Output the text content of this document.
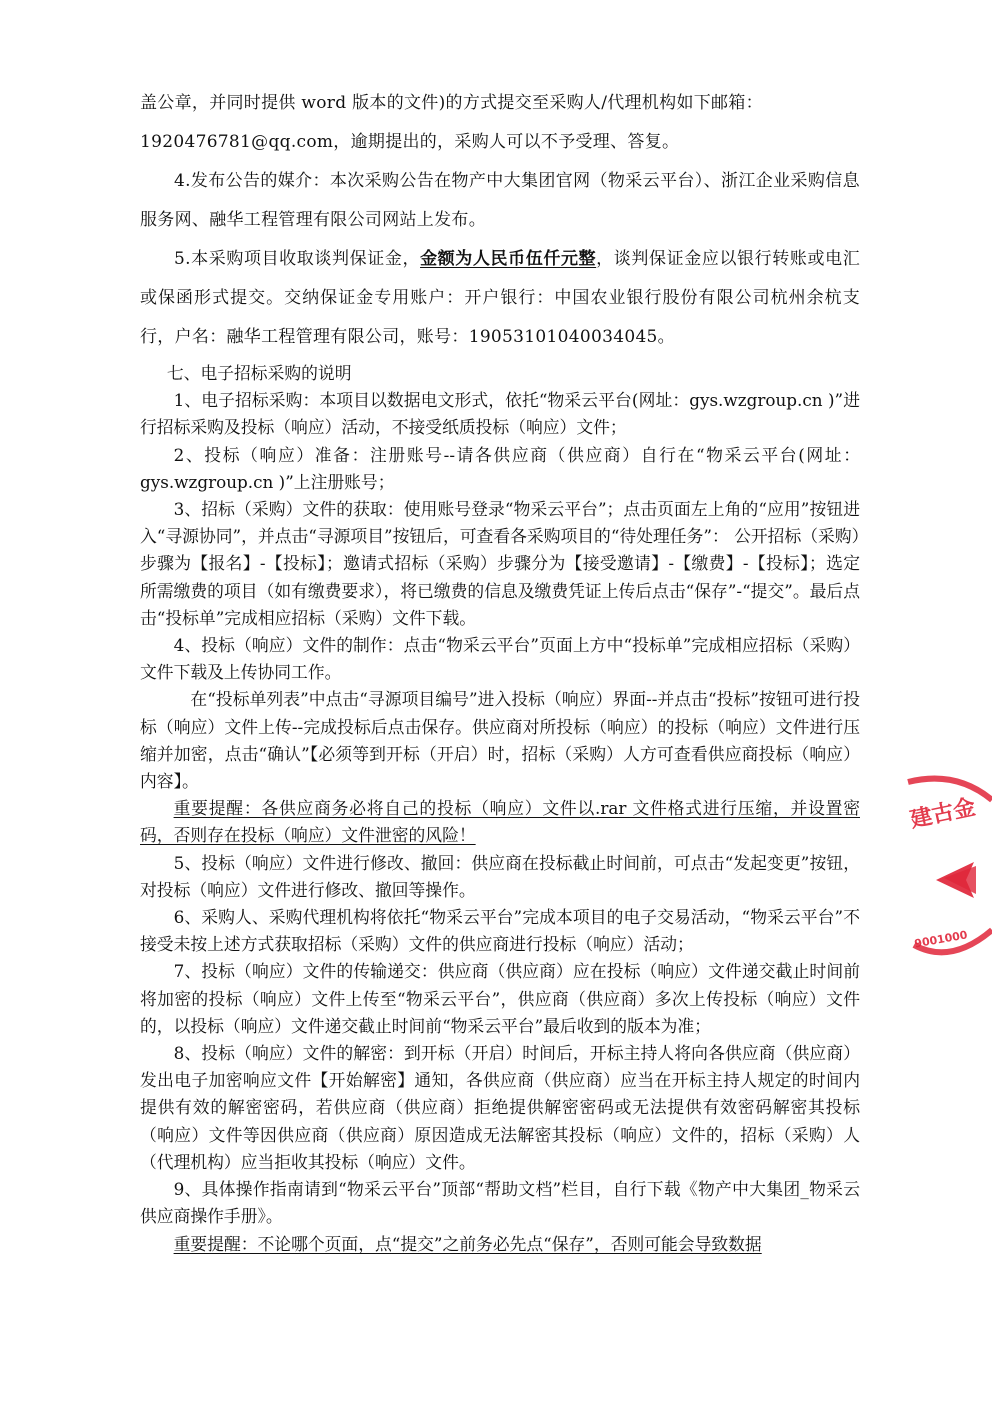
盖公章，并同时提供 word 版本的文件)的方式提交至采购人/代理机构如下邮箱：

1920476781@qq.com，逾期提出的，采购人可以不予受理、答复。

4.发布公告的媒介：本次采购公告在物产中大集团官网（物采云平台）、浙江企业采购信息服务网、融华工程管理有限公司网站上发布。

5.本采购项目收取谈判保证金，金额为人民币伍仟元整，谈判保证金应以银行转账或电汇或保函形式提交。交纳保证金专用账户：开户银行：中国农业银行股份有限公司杭州余杭支行，户名：融华工程管理有限公司，账号：19053101040034045。

七、电子招标采购的说明

1、电子招标采购：本项目以数据电文形式，依托“物采云平台(网址：gys.wzgroup.cn )”进行招标采购及投标（响应）活动，不接受纸质投标（响应）文件；

2、投标（响应）准备：注册账号--请各供应商（供应商）自行在“物采云平台(网址：gys.wzgroup.cn )”上注册账号；

3、招标（采购）文件的获取：使用账号登录“物采云平台”；点击页面左上角的“应用”按钮进入“寻源协同”，并点击“寻源项目”按钮后，可查看各采购项目的“待处理任务”： 公开招标（采购）步骤为【报名】-【投标】；邀请式招标（采购）步骤分为【接受邀请】-【缴费】-【投标】；选定所需缴费的项目（如有缴费要求），将已缴费的信息及缴费凭证上传后点击“保存”-“提交”。最后点击“投标单”完成相应招标（采购）文件下载。

4、投标（响应）文件的制作：点击“物采云平台”页面上方中“投标单”完成相应招标（采购）文件下载及上传协同工作。

在“投标单列表”中点击“寻源项目编号”进入投标（响应）界面--并点击“投标”按钮可进行投标（响应）文件上传--完成投标后点击保存。供应商对所投标（响应）的投标（响应）文件进行压缩并加密，点击“确认”【必须等到开标（开启）时，招标（采购）人方可查看供应商投标（响应）内容】。

重要提醒：各供应商务必将自己的投标（响应）文件以.rar 文件格式进行压缩，并设置密码，否则存在投标（响应）文件泄密的风险！

5、投标（响应）文件进行修改、撤回：供应商在投标截止时间前，可点击“发起变更”按钮，对投标（响应）文件进行修改、撤回等操作。

6、采购人、采购代理机构将依托“物采云平台”完成本项目的电子交易活动，“物采云平台”不接受未按上述方式获取招标（采购）文件的供应商进行投标（响应）活动；

7、投标（响应）文件的传输递交：供应商（供应商）应在投标（响应）文件递交截止时间前将加密的投标（响应）文件上传至“物采云平台”，供应商（供应商）多次上传投标（响应）文件的，以投标（响应）文件递交截止时间前“物采云平台”最后收到的版本为准；

8、投标（响应）文件的解密：到开标（开启）时间后，开标主持人将向各供应商（供应商）发出电子加密响应文件【开始解密】通知，各供应商（供应商）应当在开标主持人规定的时间内提供有效的解密密码，若供应商（供应商）拒绝提供解密密码或无法提供有效密码解密其投标（响应）文件等因供应商（供应商）原因造成无法解密其投标（响应）文件的，招标（采购）人（代理机构）应当拒收其投标（响应）文件。

9、具体操作指南请到“物采云平台”顶部“帮助文档”栏目，自行下载《物产中大集团_物采云供应商操作手册》。

重要提醒：不论哪个页面，点“提交”之前务必先点“保存”，否则可能会导致数据

建古金
9001000
